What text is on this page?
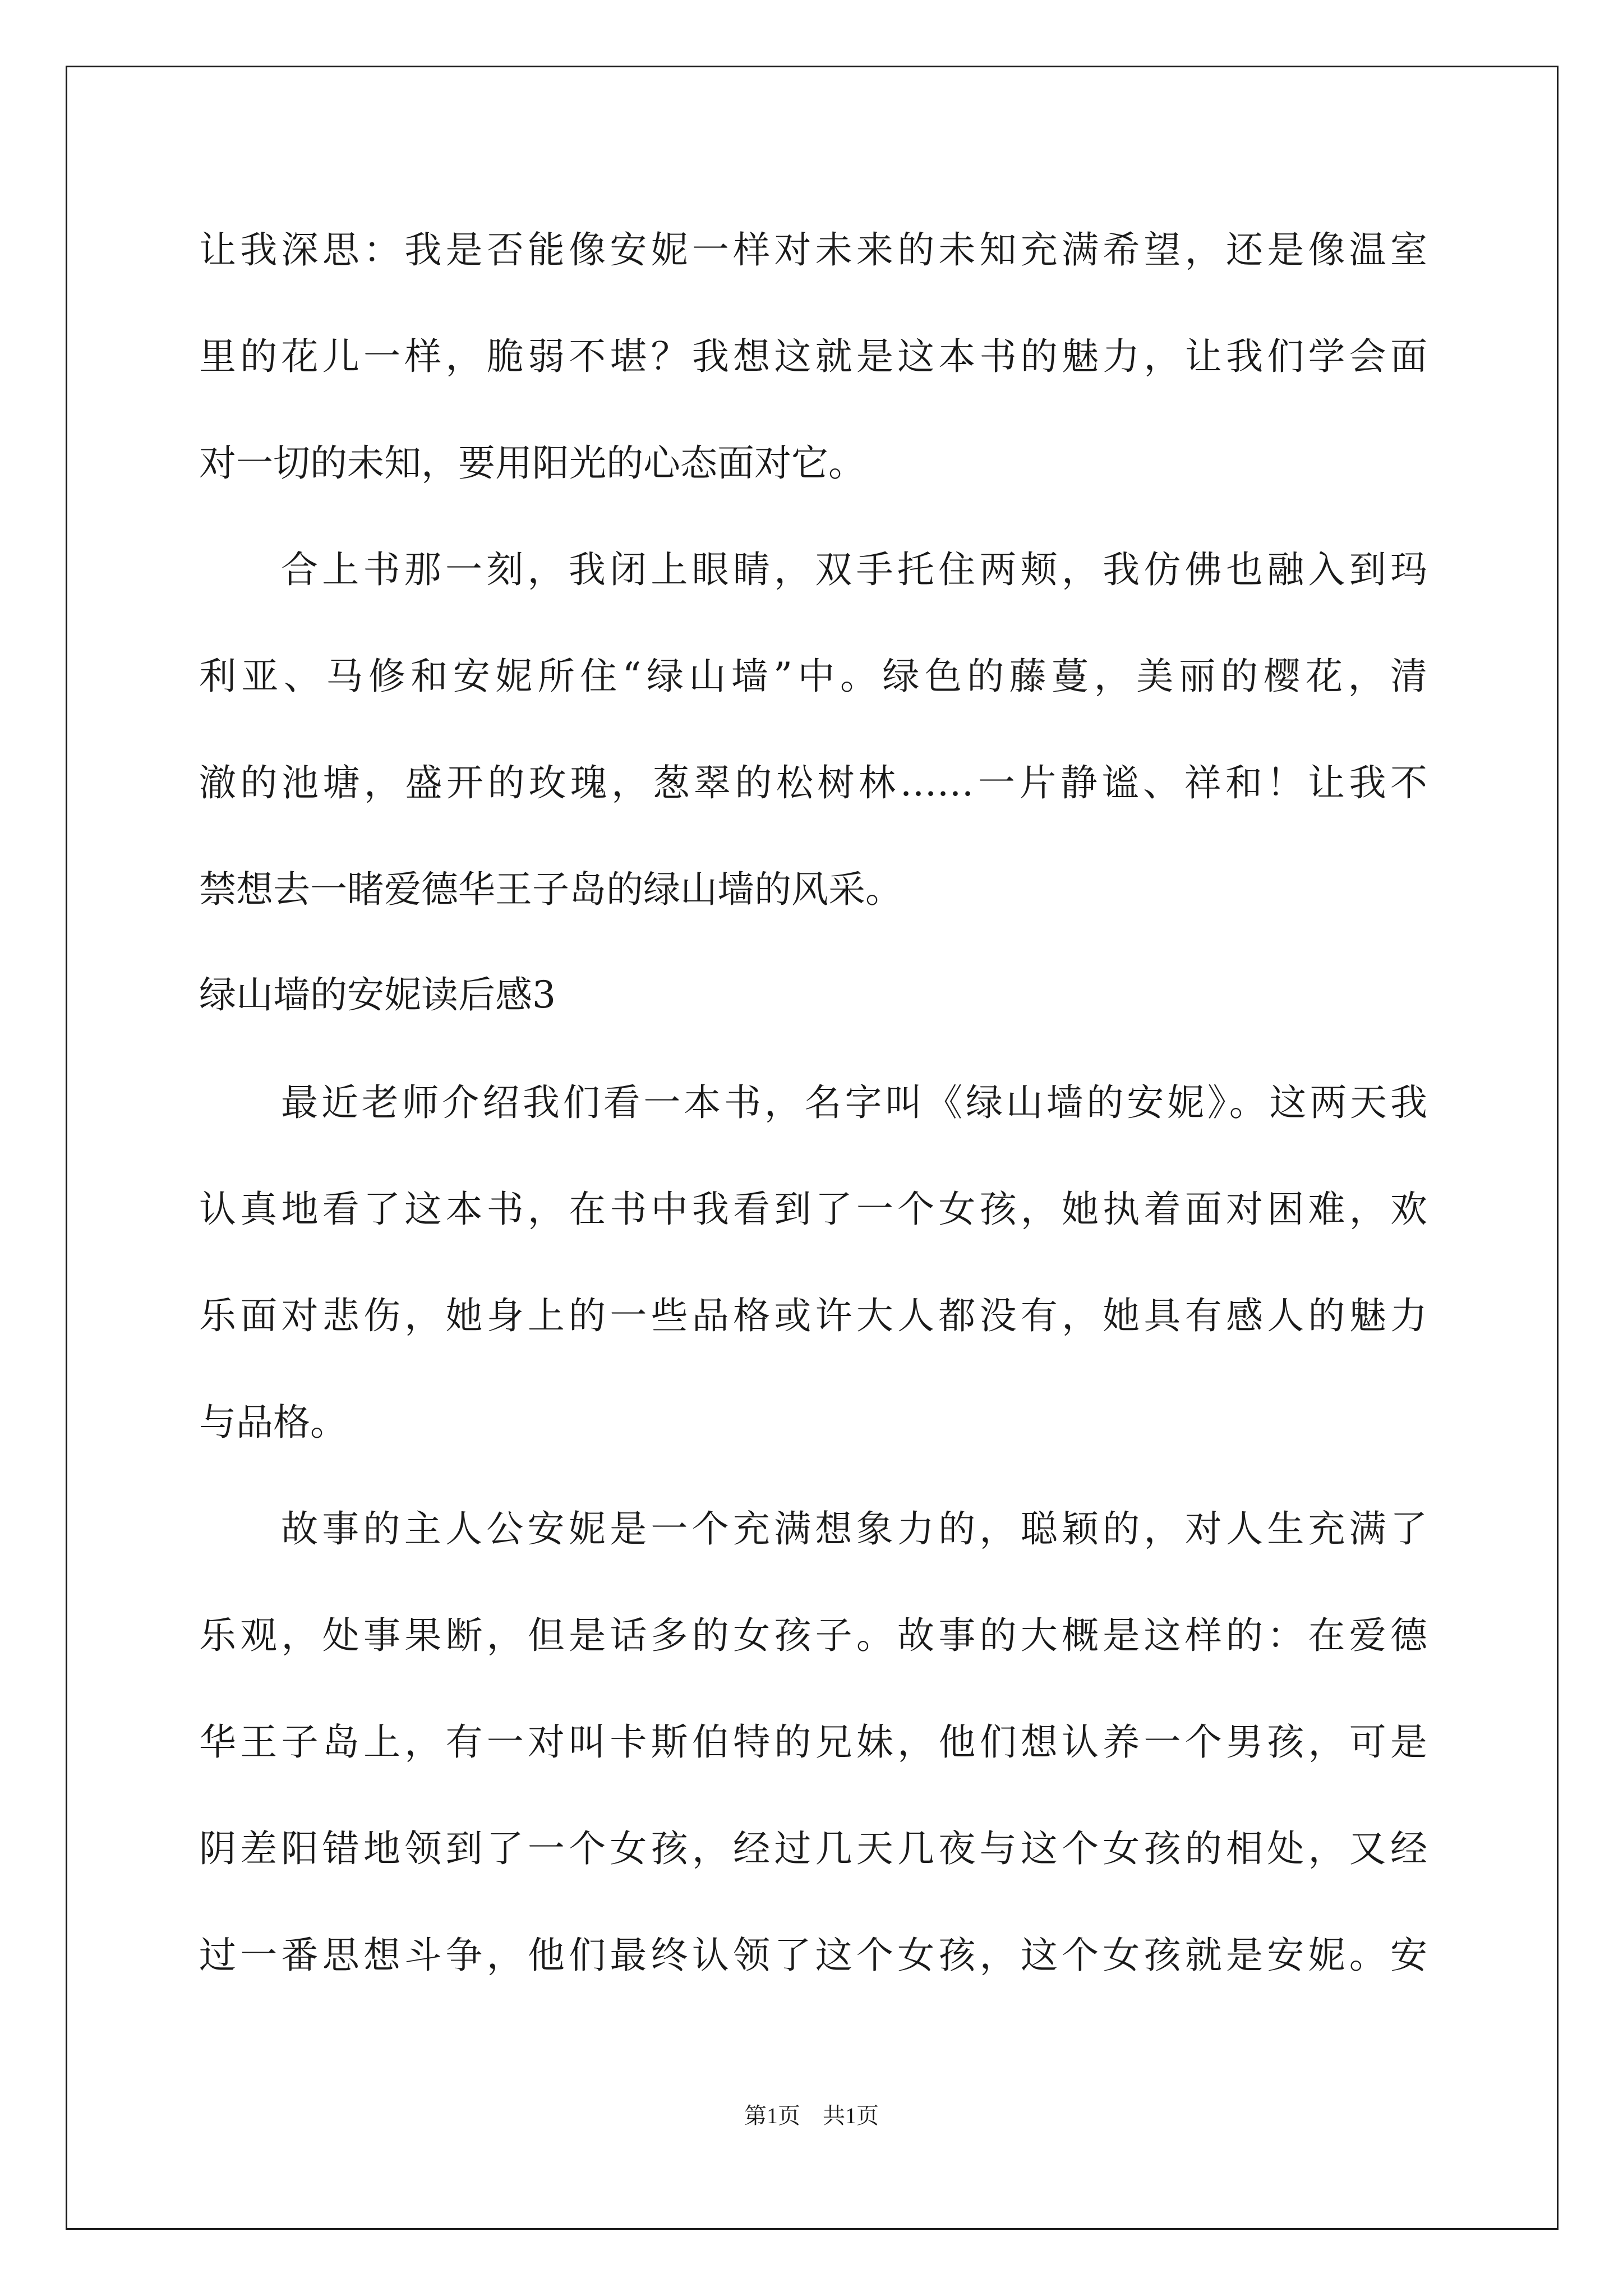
让我深思：我是否能像安妮一样对未来的未知充满希望，还是像温室

里的花儿一样，脆弱不堪？我想这就是这本书的魅力，让我们学会面

对一切的未知，要用阳光的心态面对它。

合上书那一刻，我闭上眼睛，双手托住两颊，我仿佛也融入到玛

利亚、马修和安妮所住“绿山墙”中。绿色的藤蔓，美丽的樱花，清

澈的池塘，盛开的玫瑰，葱翠的松树林……一片静谧、祥和！让我不

禁想去一睹爱德华王子岛的绿山墙的风采。

绿山墙的安妮读后感3

最近老师介绍我们看一本书，名字叫《绿山墙的安妮》。这两天我

认真地看了这本书，在书中我看到了一个女孩，她执着面对困难，欢

乐面对悲伤，她身上的一些品格或许大人都没有，她具有感人的魅力

与品格。

故事的主人公安妮是一个充满想象力的，聪颖的，对人生充满了

乐观，处事果断，但是话多的女孩子。故事的大概是这样的：在爱德

华王子岛上，有一对叫卡斯伯特的兄妹，他们想认养一个男孩，可是

阴差阳错地领到了一个女孩，经过几天几夜与这个女孩的相处，又经

过一番思想斗争，他们最终认领了这个女孩，这个女孩就是安妮。安

第1页    共1页
